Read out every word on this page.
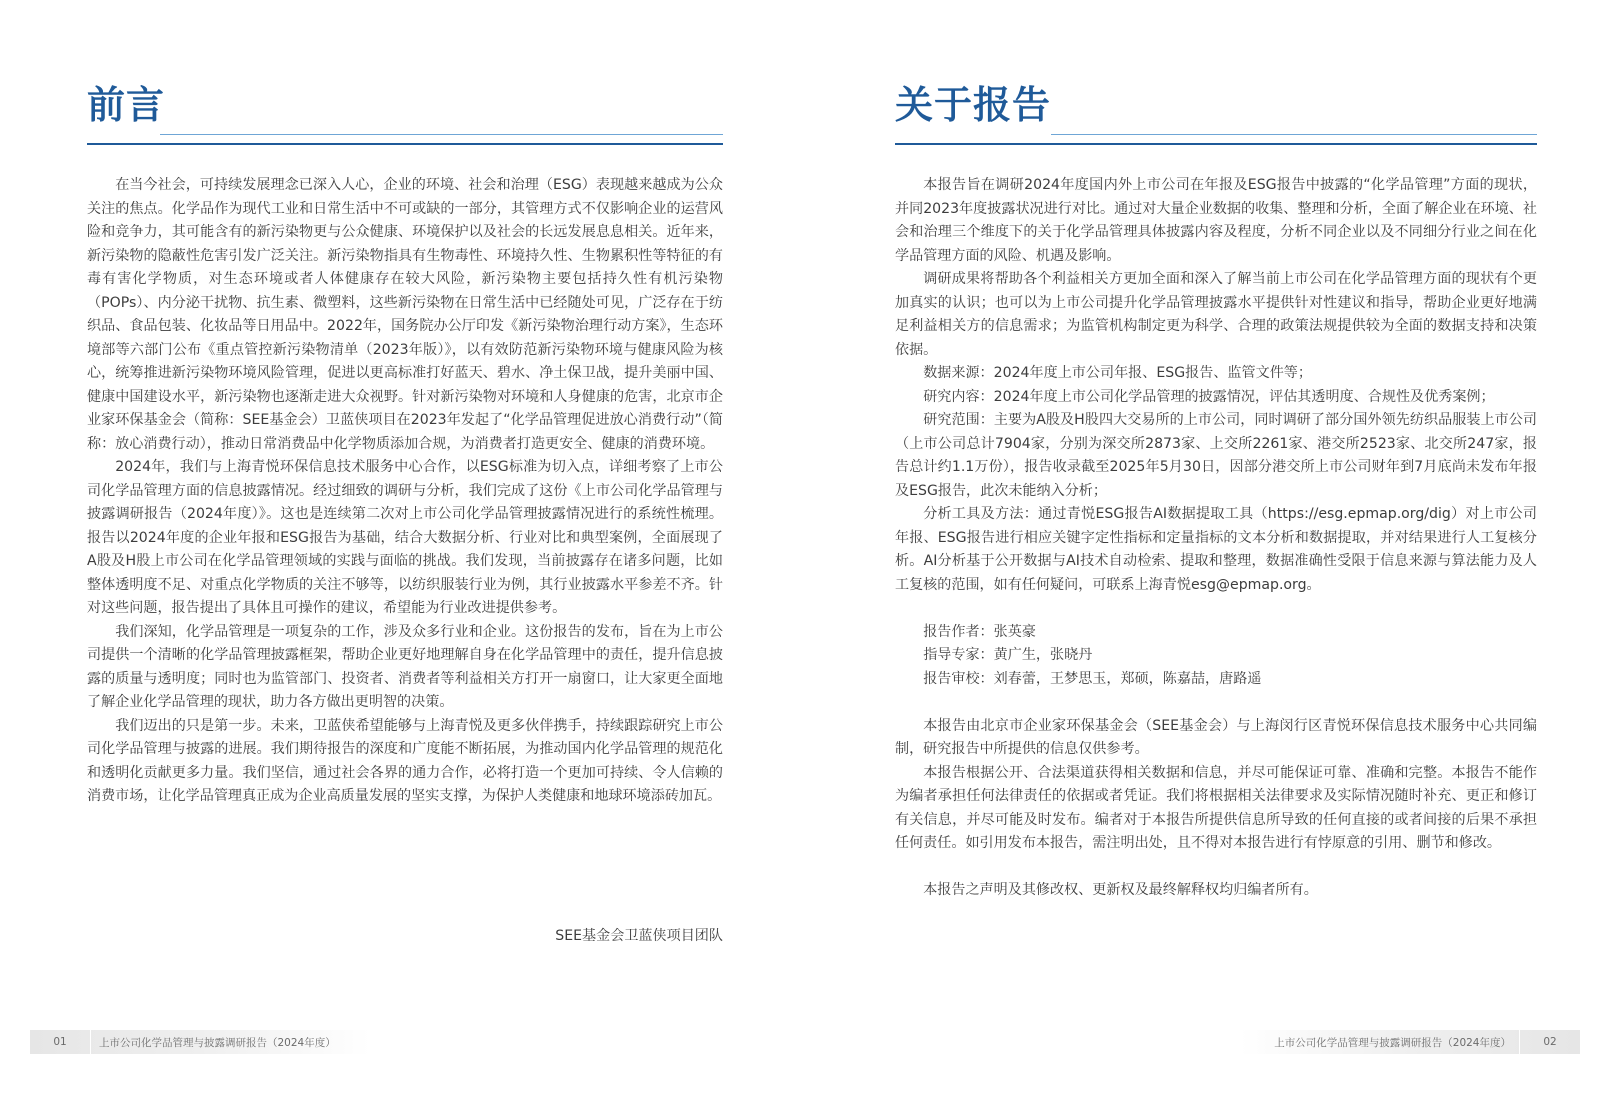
前言

在当今社会，可持续发展理念已深入人心，企业的环境、社会和治理（ESG）表现越来越成为公众关注的焦点。化学品作为现代工业和日常生活中不可或缺的一部分，其管理方式不仅影响企业的运营风险和竞争力，其可能含有的新污染物更与公众健康、环境保护以及社会的长远发展息息相关。近年来，新污染物的隐蔽性危害引发广泛关注。新污染物指具有生物毒性、环境持久性、生物累积性等特征的有毒有害化学物质，对生态环境或者人体健康存在较大风险，新污染物主要包括持久性有机污染物（POPs）、内分泌干扰物、抗生素、微塑料，这些新污染物在日常生活中已经随处可见，广泛存在于纺织品、食品包装、化妆品等日用品中。2022年，国务院办公厅印发《新污染物治理行动方案》，生态环境部等六部门公布《重点管控新污染物清单（2023年版）》，以有效防范新污染物环境与健康风险为核心，统筹推进新污染物环境风险管理，促进以更高标准打好蓝天、碧水、净土保卫战，提升美丽中国、健康中国建设水平，新污染物也逐渐走进大众视野。针对新污染物对环境和人身健康的危害，北京市企业家环保基金会（简称：SEE基金会）卫蓝侠项目在2023年发起了“化学品管理促进放心消费行动”（简称：放心消费行动），推动日常消费品中化学物质添加合规，为消费者打造更安全、健康的消费环境。

2024年，我们与上海青悦环保信息技术服务中心合作，以ESG标准为切入点，详细考察了上市公司化学品管理方面的信息披露情况。经过细致的调研与分析，我们完成了这份《上市公司化学品管理与披露调研报告（2024年度）》。这也是连续第二次对上市公司化学品管理披露情况进行的系统性梳理。报告以2024年度的企业年报和ESG报告为基础，结合大数据分析、行业对比和典型案例，全面展现了A股及H股上市公司在化学品管理领域的实践与面临的挑战。我们发现，当前披露存在诸多问题，比如整体透明度不足、对重点化学物质的关注不够等，以纺织服装行业为例，其行业披露水平参差不齐。针对这些问题，报告提出了具体且可操作的建议，希望能为行业改进提供参考。

我们深知，化学品管理是一项复杂的工作，涉及众多行业和企业。这份报告的发布，旨在为上市公司提供一个清晰的化学品管理披露框架，帮助企业更好地理解自身在化学品管理中的责任，提升信息披露的质量与透明度；同时也为监管部门、投资者、消费者等利益相关方打开一扇窗口，让大家更全面地了解企业化学品管理的现状，助力各方做出更明智的决策。

我们迈出的只是第一步。未来，卫蓝侠希望能够与上海青悦及更多伙伴携手，持续跟踪研究上市公司化学品管理与披露的进展。我们期待报告的深度和广度能不断拓展，为推动国内化学品管理的规范化和透明化贡献更多力量。我们坚信，通过社会各界的通力合作，必将打造一个更加可持续、令人信赖的消费市场，让化学品管理真正成为企业高质量发展的坚实支撑，为保护人类健康和地球环境添砖加瓦。

SEE基金会卫蓝侠项目团队

01	上市公司化学品管理与披露调研报告（2024年度）
关于报告

本报告旨在调研2024年度国内外上市公司在年报及ESG报告中披露的“化学品管理”方面的现状，并同2023年度披露状况进行对比。通过对大量企业数据的收集、整理和分析，全面了解企业在环境、社会和治理三个维度下的关于化学品管理具体披露内容及程度，分析不同企业以及不同细分行业之间在化学品管理方面的风险、机遇及影响。

调研成果将帮助各个利益相关方更加全面和深入了解当前上市公司在化学品管理方面的现状有个更加真实的认识；也可以为上市公司提升化学品管理披露水平提供针对性建议和指导，帮助企业更好地满足利益相关方的信息需求；为监管机构制定更为科学、合理的政策法规提供较为全面的数据支持和决策依据。

数据来源：2024年度上市公司年报、ESG报告、监管文件等；

研究内容：2024年度上市公司化学品管理的披露情况，评估其透明度、合规性及优秀案例；

研究范围：主要为A股及H股四大交易所的上市公司，同时调研了部分国外领先纺织品服装上市公司（上市公司总计7904家，分别为深交所2873家、上交所2261家、港交所2523家、北交所247家，报告总计约1.1万份），报告收录截至2025年5月30日，因部分港交所上市公司财年到7月底尚未发布年报及ESG报告，此次未能纳入分析；

分析工具及方法：通过青悦ESG报告AI数据提取工具（https://esg.epmap.org/dig）对上市公司年报、ESG报告进行相应关键字定性指标和定量指标的文本分析和数据提取，并对结果进行人工复核分析。AI分析基于公开数据与AI技术自动检索、提取和整理，数据准确性受限于信息来源与算法能力及人工复核的范围，如有任何疑问，可联系上海青悦esg@epmap.org。

报告作者：张英豪

指导专家：黄广生，张晓丹

报告审校：刘春蕾，王梦思玉，郑硕，陈嘉喆，唐路遥

本报告由北京市企业家环保基金会（SEE基金会）与上海闵行区青悦环保信息技术服务中心共同编制，研究报告中所提供的信息仅供参考。

本报告根据公开、合法渠道获得相关数据和信息，并尽可能保证可靠、准确和完整。本报告不能作为编者承担任何法律责任的依据或者凭证。我们将根据相关法律要求及实际情况随时补充、更正和修订有关信息，并尽可能及时发布。编者对于本报告所提供信息所导致的任何直接的或者间接的后果不承担任何责任。如引用发布本报告，需注明出处，且不得对本报告进行有悖原意的引用、删节和修改。

本报告之声明及其修改权、更新权及最终解释权均归编者所有。

上市公司化学品管理与披露调研报告（2024年度）	02
